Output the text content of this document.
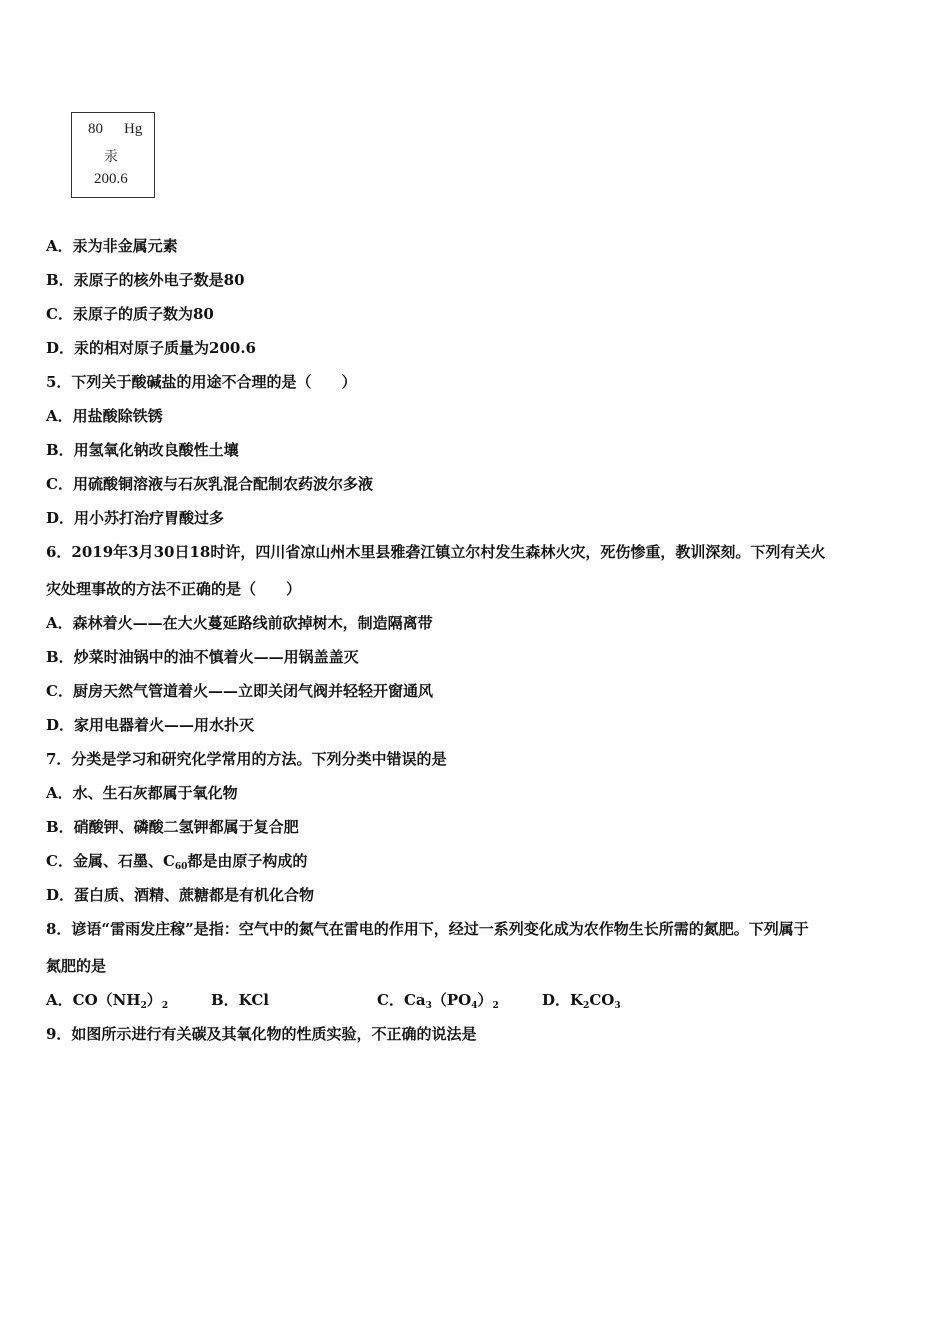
80 Hg
汞
200.6
A．汞为非金属元素
B．汞原子的核外电子数是80
C．汞原子的质子数为80
D．汞的相对原子质量为200.6
5．下列关于酸碱盐的用途不合理的是（　　）
A．用盐酸除铁锈
B．用氢氧化钠改良酸性土壤
C．用硫酸铜溶液与石灰乳混合配制农药波尔多液
D．用小苏打治疗胃酸过多
6．2019年3月30日18时许，四川省凉山州木里县雅砻江镇立尔村发生森林火灾，死伤惨重，教训深刻。下列有关火
灾处理事故的方法不正确的是（　　）
A．森林着火——在大火蔓延路线前砍掉树木，制造隔离带
B．炒菜时油锅中的油不慎着火——用锅盖盖灭
C．厨房天然气管道着火——立即关闭气阀并轻轻开窗通风
D．家用电器着火——用水扑灭
7．分类是学习和研究化学常用的方法。下列分类中错误的是
A．水、生石灰都属于氧化物
B．硝酸钾、磷酸二氢钾都属于复合肥
C．金属、石墨、$C_{60}$都是由原子构成的
D．蛋白质、酒精、蔗糖都是有机化合物
8．谚语“雷雨发庄稼”是指：空气中的氮气在雷电的作用下，经过一系列变化成为农作物生长所需的氮肥。下列属于
氮肥的是
A．$CO(NH_2)_2$	B．KCl	C．$Ca_3(PO_4)_2$	D．$K_2CO_3$
9．如图所示进行有关碳及其氧化物的性质实验，不正确的说法是
